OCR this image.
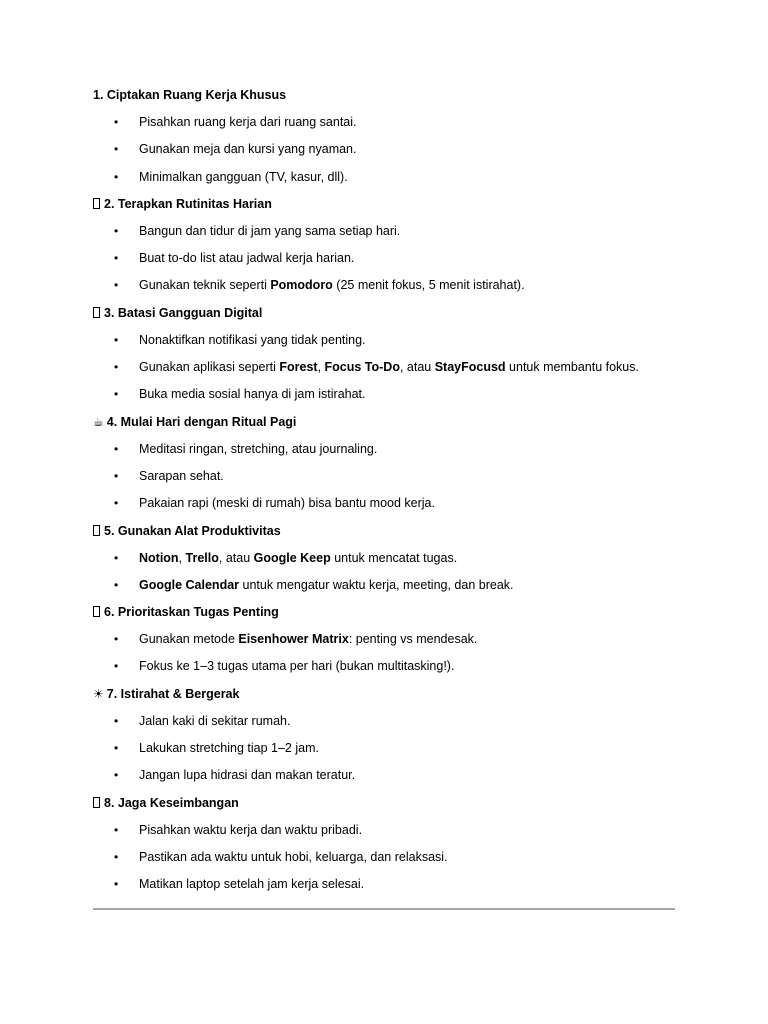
1. Ciptakan Ruang Kerja Khusus
• Pisahkan ruang kerja dari ruang santai.
• Gunakan meja dan kursi yang nyaman.
• Minimalkan gangguan (TV, kasur, dll).
2. Terapkan Rutinitas Harian
• Bangun dan tidur di jam yang sama setiap hari.
• Buat to-do list atau jadwal kerja harian.
• Gunakan teknik seperti Pomodoro (25 menit fokus, 5 menit istirahat).
3. Batasi Gangguan Digital
• Nonaktifkan notifikasi yang tidak penting.
• Gunakan aplikasi seperti Forest, Focus To-Do, atau StayFocusd untuk membantu fokus.
• Buka media sosial hanya di jam istirahat.
☕ 4. Mulai Hari dengan Ritual Pagi
• Meditasi ringan, stretching, atau journaling.
• Sarapan sehat.
• Pakaian rapi (meski di rumah) bisa bantu mood kerja.
5. Gunakan Alat Produktivitas
• Notion, Trello, atau Google Keep untuk mencatat tugas.
• Google Calendar untuk mengatur waktu kerja, meeting, dan break.
6. Prioritaskan Tugas Penting
• Gunakan metode Eisenhower Matrix: penting vs mendesak.
• Fokus ke 1–3 tugas utama per hari (bukan multitasking!).
☀ 7. Istirahat & Bergerak
• Jalan kaki di sekitar rumah.
• Lakukan stretching tiap 1–2 jam.
• Jangan lupa hidrasi dan makan teratur.
8. Jaga Keseimbangan
• Pisahkan waktu kerja dan waktu pribadi.
• Pastikan ada waktu untuk hobi, keluarga, dan relaksasi.
• Matikan laptop setelah jam kerja selesai.
